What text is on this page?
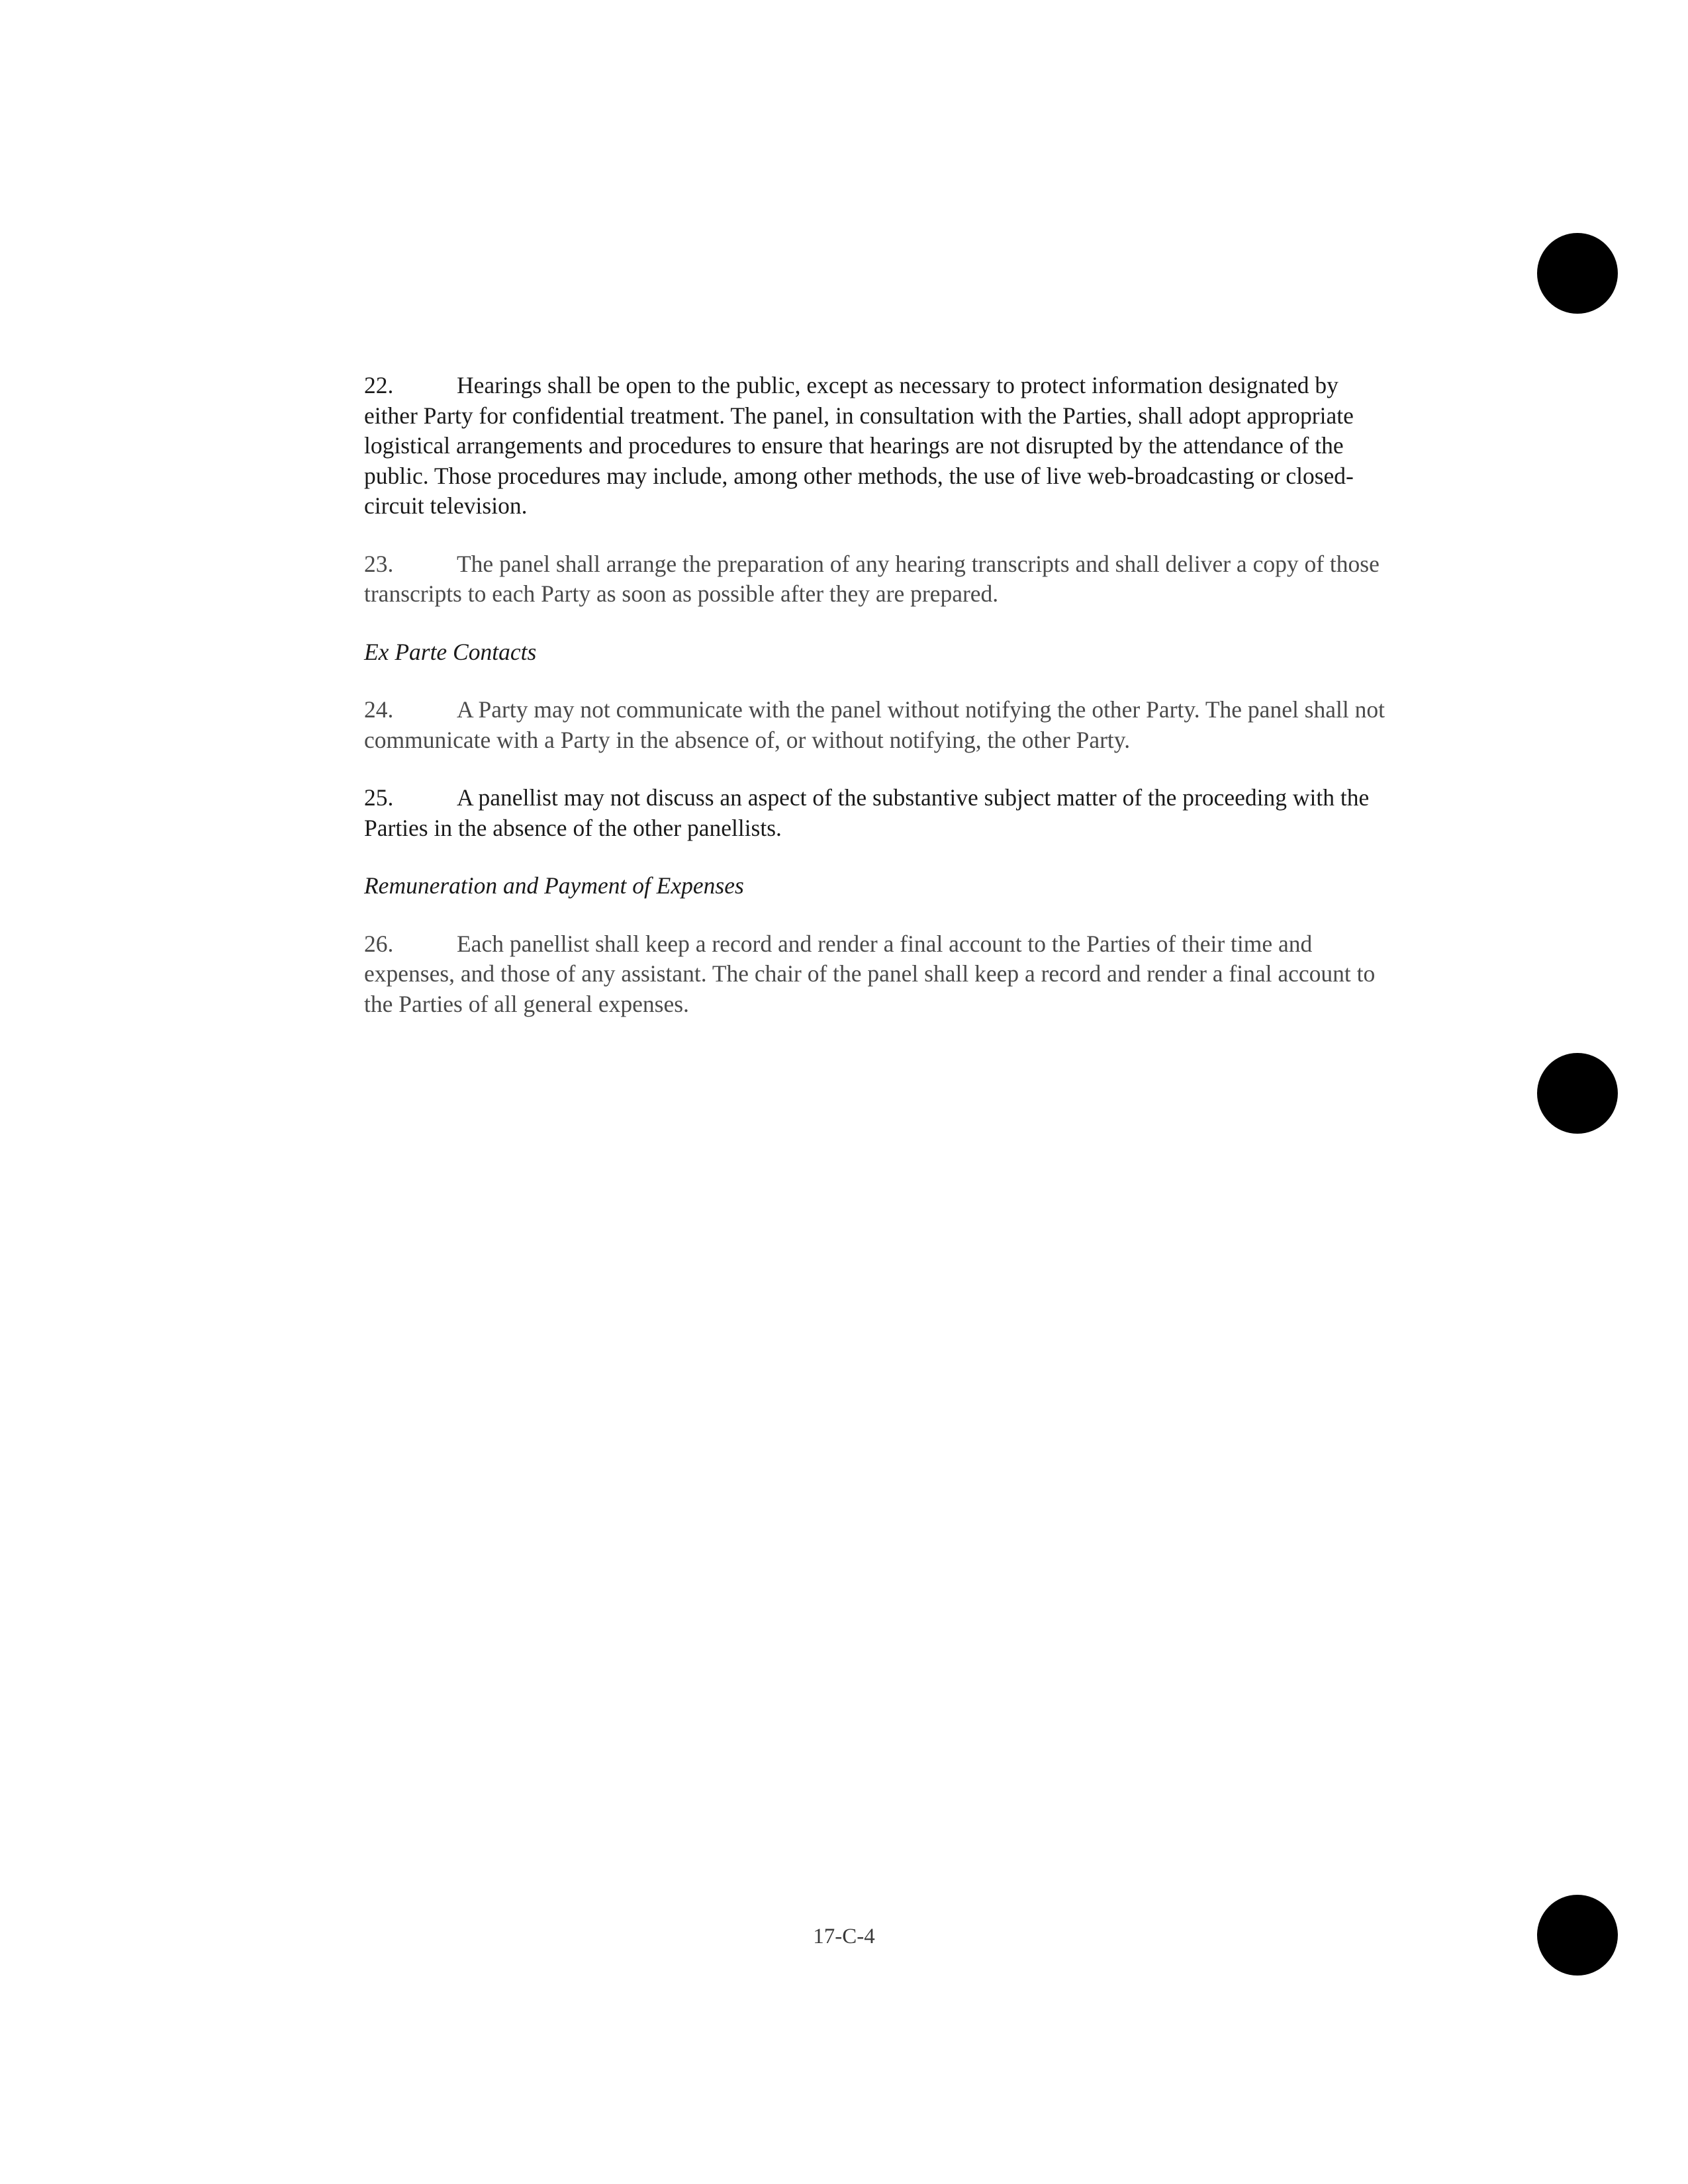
22.	Hearings shall be open to the public, except as necessary to protect information designated by either Party for confidential treatment. The panel, in consultation with the Parties, shall adopt appropriate logistical arrangements and procedures to ensure that hearings are not disrupted by the attendance of the public. Those procedures may include, among other methods, the use of live web-broadcasting or closed-circuit television.

23.	The panel shall arrange the preparation of any hearing transcripts and shall deliver a copy of those transcripts to each Party as soon as possible after they are prepared.

Ex Parte Contacts

24.	A Party may not communicate with the panel without notifying the other Party. The panel shall not communicate with a Party in the absence of, or without notifying, the other Party.

25.	A panellist may not discuss an aspect of the substantive subject matter of the proceeding with the Parties in the absence of the other panellists.

Remuneration and Payment of Expenses

26.	Each panellist shall keep a record and render a final account to the Parties of their time and expenses, and those of any assistant. The chair of the panel shall keep a record and render a final account to the Parties of all general expenses.

17-C-4
